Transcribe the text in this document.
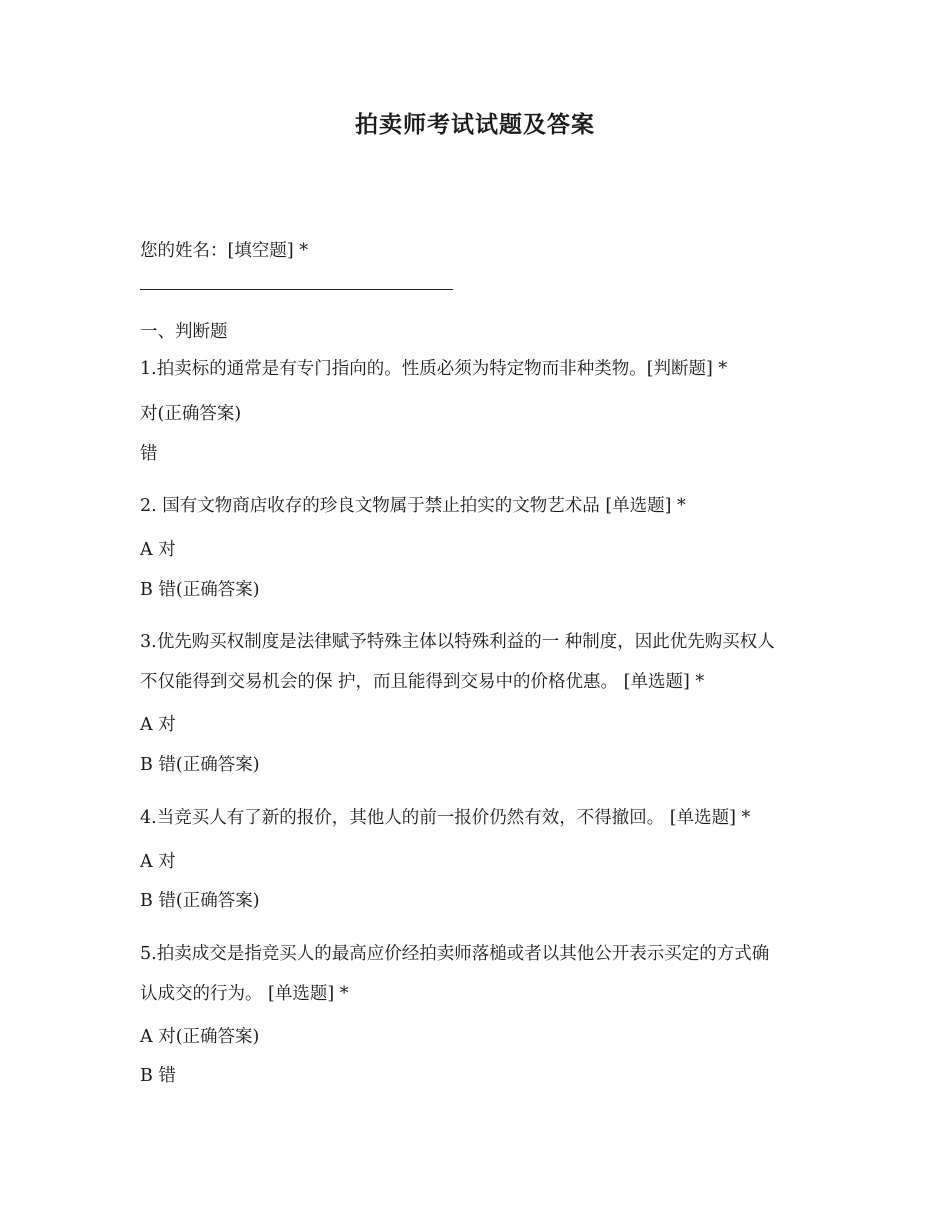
拍卖师考试试题及答案
您的姓名：[填空题] *
一、判断题
1.拍卖标的通常是有专门指向的。性质必须为特定物而非种类物。[判断题] *
对(正确答案)
错
2. 国有文物商店收存的珍良文物属于禁止拍实的文物艺术品 [单选题] *
A 对
B 错(正确答案)
3.优先购买权制度是法律赋予特殊主体以特殊利益的一 种制度，因此优先购买权人
不仅能得到交易机会的保 护，而且能得到交易中的价格优惠。 [单选题] *
A 对
B 错(正确答案)
4.当竞买人有了新的报价，其他人的前一报价仍然有效，不得撤回。 [单选题] *
A 对
B 错(正确答案)
5.拍卖成交是指竞买人的最高应价经拍卖师落槌或者以其他公开表示买定的方式确
认成交的行为。 [单选题] *
A 对(正确答案)
B 错
